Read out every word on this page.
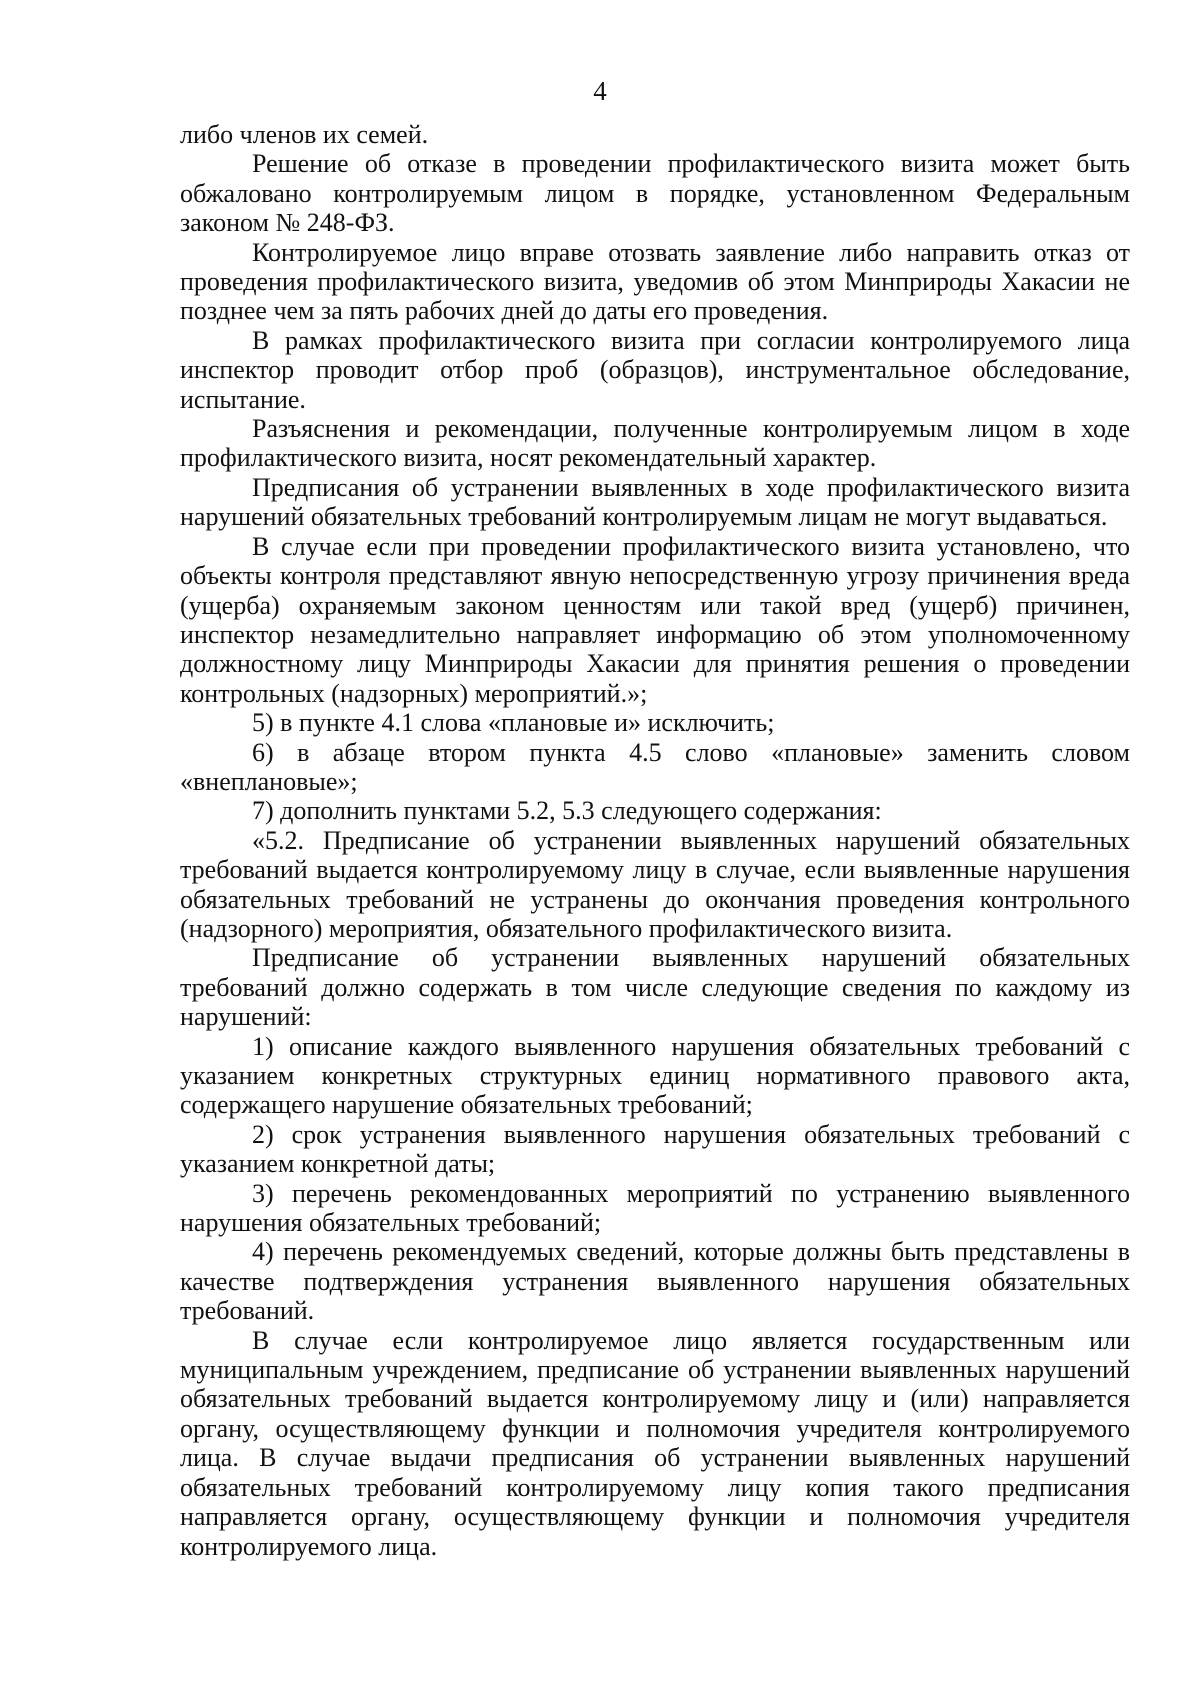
4

либо членов их семей.

Решение об отказе в проведении профилактического визита может быть обжаловано контролируемым лицом в порядке, установленном Федеральным законом № 248-ФЗ.

Контролируемое лицо вправе отозвать заявление либо направить отказ от проведения профилактического визита, уведомив об этом Минприроды Хакасии не позднее чем за пять рабочих дней до даты его проведения.

В рамках профилактического визита при согласии контролируемого лица инспектор проводит отбор проб (образцов), инструментальное обследование, испытание.

Разъяснения и рекомендации, полученные контролируемым лицом в ходе профилактического визита, носят рекомендательный характер.

Предписания об устранении выявленных в ходе профилактического визита нарушений обязательных требований контролируемым лицам не могут выдаваться.

В случае если при проведении профилактического визита установлено, что объекты контроля представляют явную непосредственную угрозу причинения вреда (ущерба) охраняемым законом ценностям или такой вред (ущерб) причинен, инспектор незамедлительно направляет информацию об этом уполномоченному должностному лицу Минприроды Хакасии для принятия решения о проведении контрольных (надзорных) мероприятий.»;

5) в пункте 4.1 слова «плановые и» исключить;

6) в абзаце втором пункта 4.5 слово «плановые» заменить словом «внеплановые»;

7) дополнить пунктами 5.2, 5.3 следующего содержания:

«5.2. Предписание об устранении выявленных нарушений обязательных требований выдается контролируемому лицу в случае, если выявленные нарушения обязательных требований не устранены до окончания проведения контрольного (надзорного) мероприятия, обязательного профилактического визита.

Предписание об устранении выявленных нарушений обязательных требований должно содержать в том числе следующие сведения по каждому из нарушений:

1) описание каждого выявленного нарушения обязательных требований с указанием конкретных структурных единиц нормативного правового акта, содержащего нарушение обязательных требований;

2) срок устранения выявленного нарушения обязательных требований с указанием конкретной даты;

3) перечень рекомендованных мероприятий по устранению выявленного нарушения обязательных требований;

4) перечень рекомендуемых сведений, которые должны быть представлены в качестве подтверждения устранения выявленного нарушения обязательных требований.

В случае если контролируемое лицо является государственным или муниципальным учреждением, предписание об устранении выявленных нарушений обязательных требований выдается контролируемому лицу и (или) направляется органу, осуществляющему функции и полномочия учредителя контролируемого лица. В случае выдачи предписания об устранении выявленных нарушений обязательных требований контролируемому лицу копия такого предписания направляется органу, осуществляющему функции и полномочия учредителя контролируемого лица.
